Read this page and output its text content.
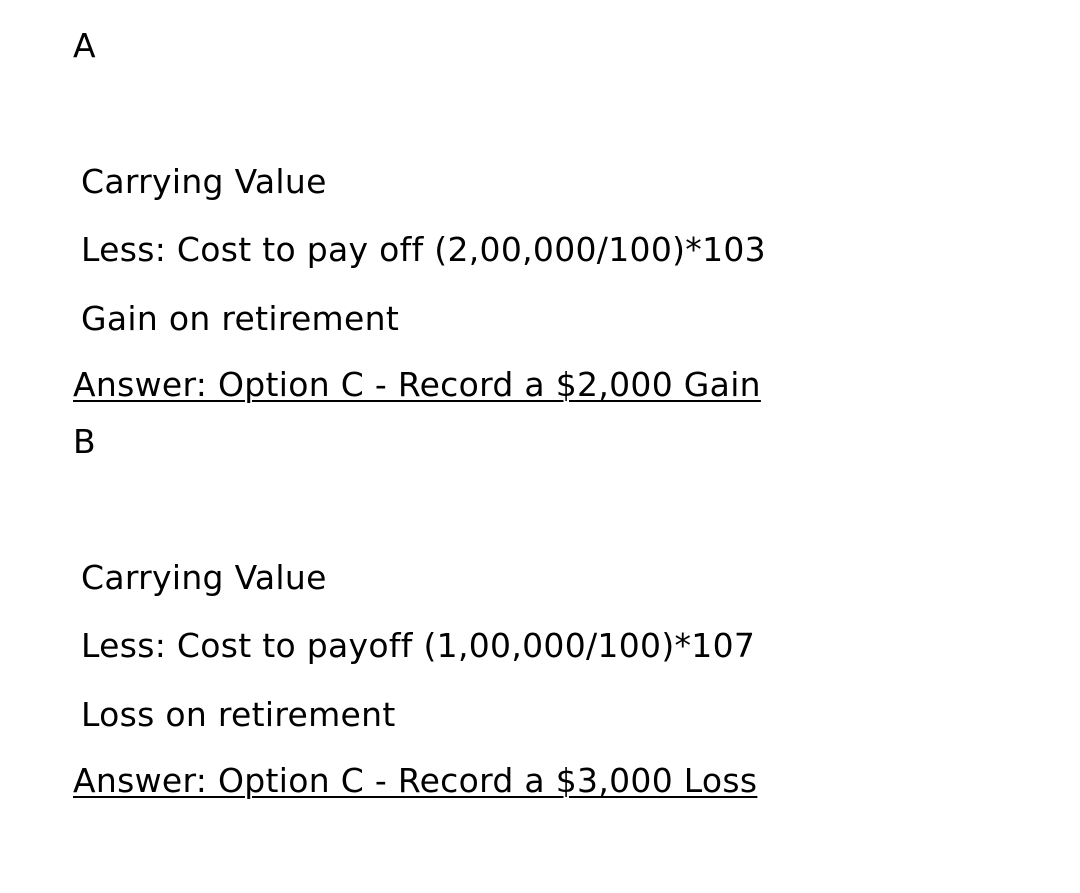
A
Carrying Value
Less: Cost to pay off (2,00,000/100)*103
Gain on retirement
Answer: Option C - Record a $2,000 Gain
B
Carrying Value
Less: Cost to payoff (1,00,000/100)*107
Loss on retirement
Answer: Option C - Record a $3,000 Loss
